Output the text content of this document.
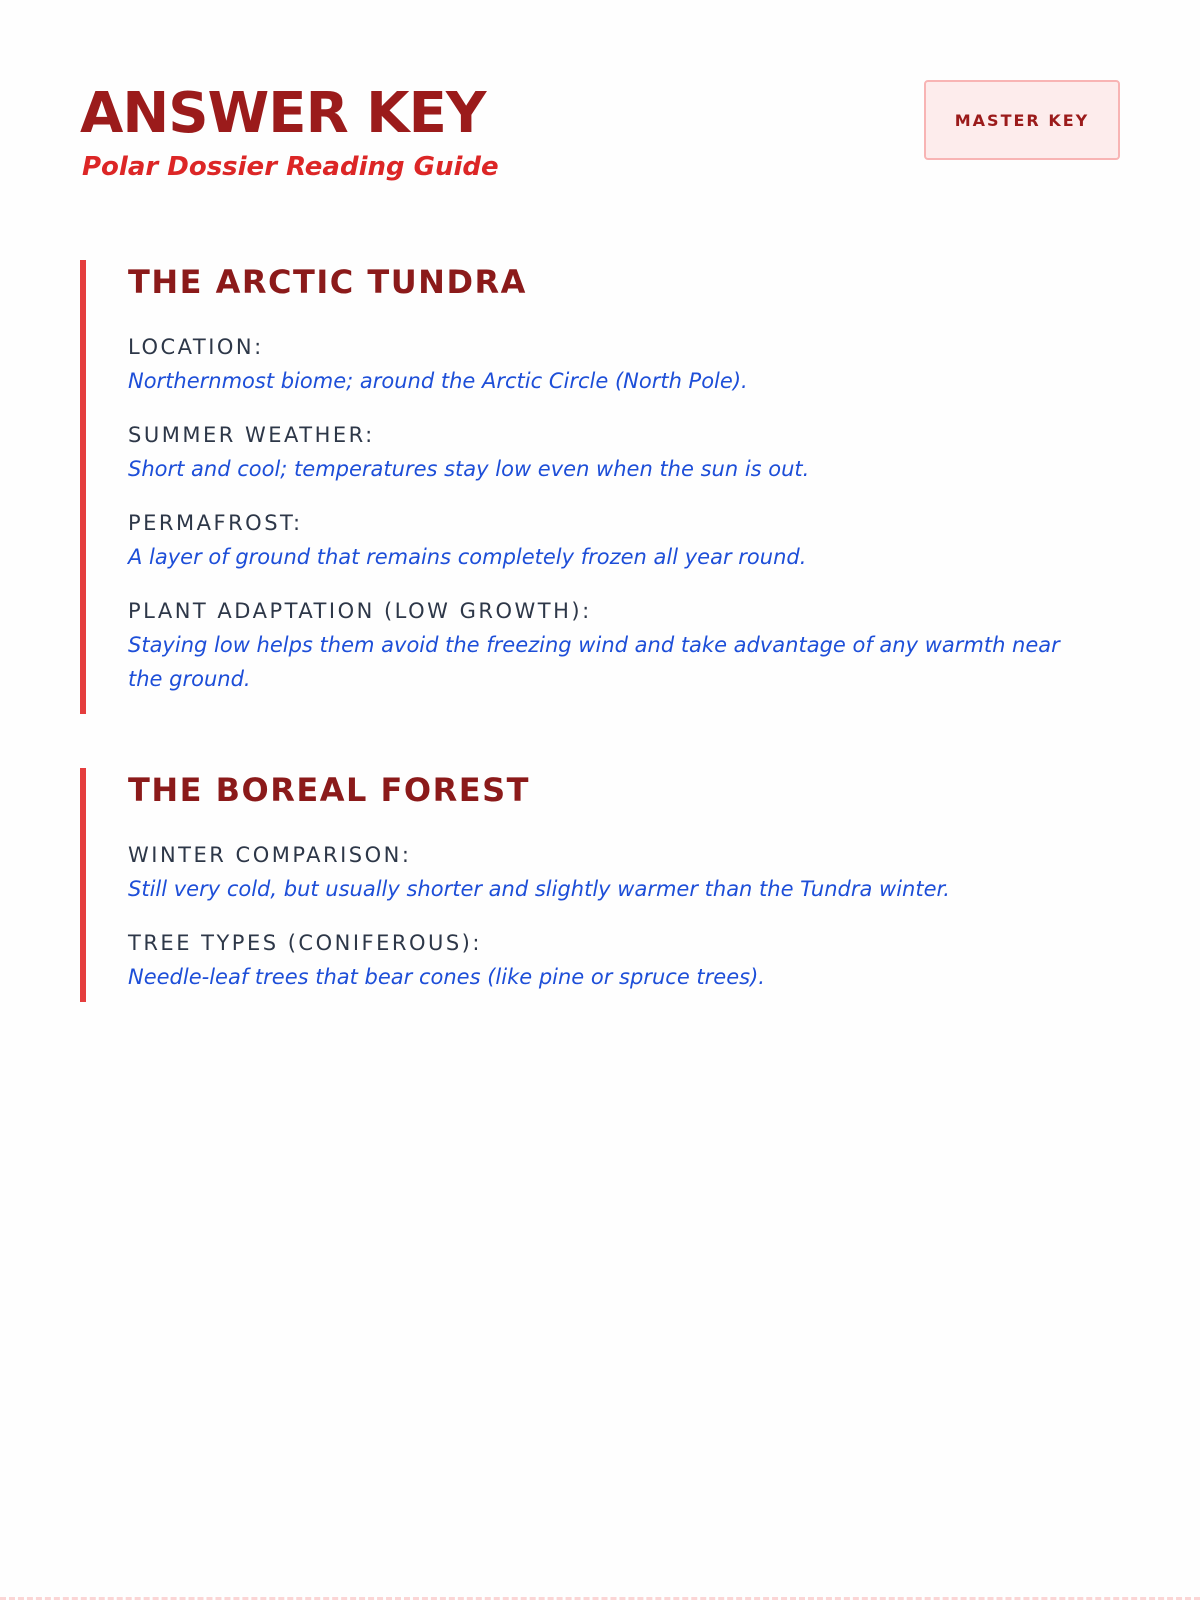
ANSWER KEY

Polar Dossier Reading Guide

MASTER KEY
THE ARCTIC TUNDRA

LOCATION:

Northernmost biome; around the Arctic Circle (North Pole).

SUMMER WEATHER:

Short and cool; temperatures stay low even when the sun is out.

PERMAFROST:

A layer of ground that remains completely frozen all year round.

PLANT ADAPTATION (LOW GROWTH):

Staying low helps them avoid the freezing wind and take advantage of any warmth near the ground.

THE BOREAL FOREST

WINTER COMPARISON:

Still very cold, but usually shorter and slightly warmer than the Tundra winter.

TREE TYPES (CONIFEROUS):

Needle-leaf trees that bear cones (like pine or spruce trees).
